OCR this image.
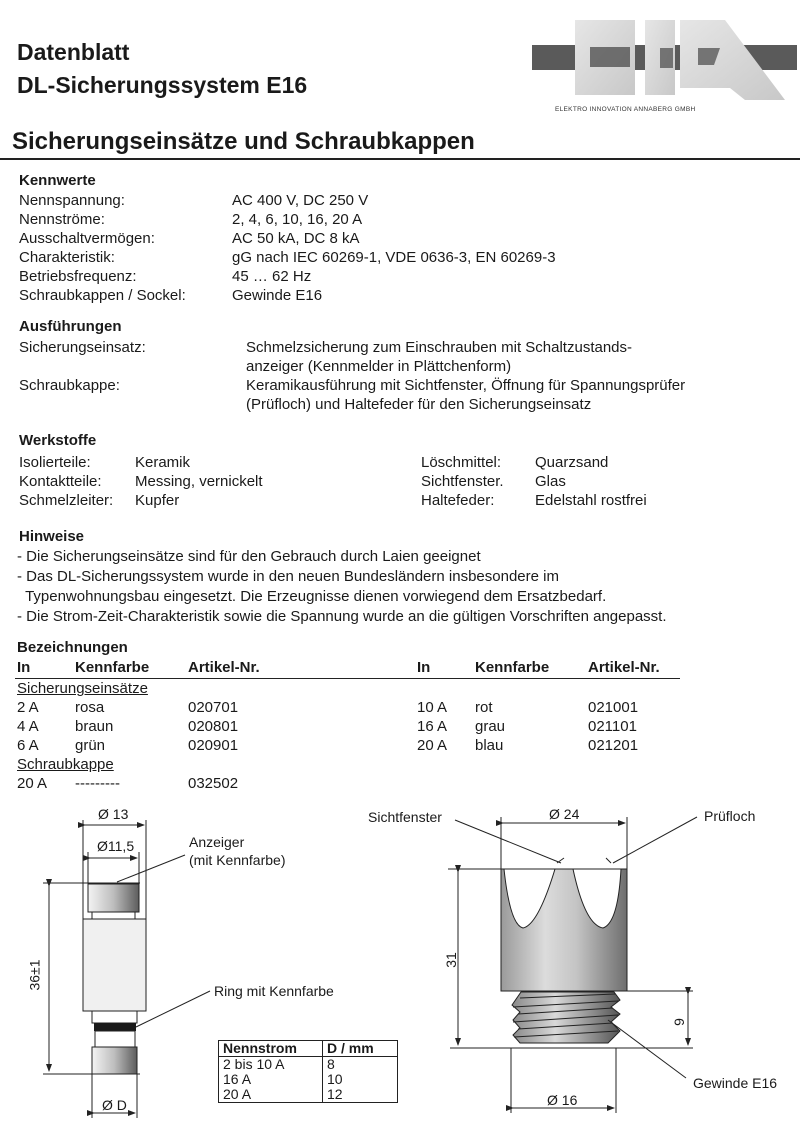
Datenblatt
DL-Sicherungssystem E16
ELEKTRO INNOVATION ANNABERG GMBH
Sicherungseinsätze und Schraubkappen
Kennwerte
Nennspannung:	AC 400 V, DC 250 V
Nennströme:	2, 4, 6, 10, 16, 20 A
Ausschaltvermögen:	AC 50 kA, DC 8 kA
Charakteristik:	gG nach IEC 60269-1, VDE 0636-3, EN 60269-3
Betriebsfrequenz:	45 … 62 Hz
Schraubkappen / Sockel:	Gewinde E16
Ausführungen
Sicherungseinsatz:	Schmelzsicherung zum Einschrauben mit Schaltzustands-
anzeiger (Kennmelder in Plättchenform)
Schraubkappe:	Keramikausführung mit Sichtfenster, Öffnung für Spannungsprüfer
(Prüfloch) und Haltefeder für den Sicherungseinsatz
Werkstoffe
Isolierteile:	Keramik	Löschmittel:	Quarzsand
Kontaktteile:	Messing, vernickelt	Sichtfenster.	Glas
Schmelzleiter:	Kupfer	Haltefeder:	Edelstahl rostfrei
Hinweise
- Die Sicherungseinsätze sind für den Gebrauch durch Laien geeignet
- Das DL-Sicherungssystem wurde in den neuen Bundesländern insbesondere im
Typenwohnungsbau eingesetzt. Die Erzeugnisse dienen vorwiegend dem Ersatzbedarf.
- Die Strom-Zeit-Charakteristik sowie die Spannung wurde an die gültigen Vorschriften angepasst.
Bezeichnungen
In	Kennfarbe	Artikel-Nr.	In	Kennfarbe	Artikel-Nr.
Sicherungseinsätze
2 A	rosa	020701	10 A	rot	021001
4 A	braun	020801	16 A	grau	021101
6 A	grün	020901	20 A	blau	021201
Schraubkappe
20 A	---------	032502
Ø 13
Ø11,5	Anzeiger
(mit Kennfarbe)
36±1
Ring mit Kennfarbe
Ø D
Nennstrom	D / mm
2 bis 10 A	8
16 A	10
20 A	12
Sichtfenster	Ø 24	Prüfloch
31
9
Gewinde E16
Ø 16
